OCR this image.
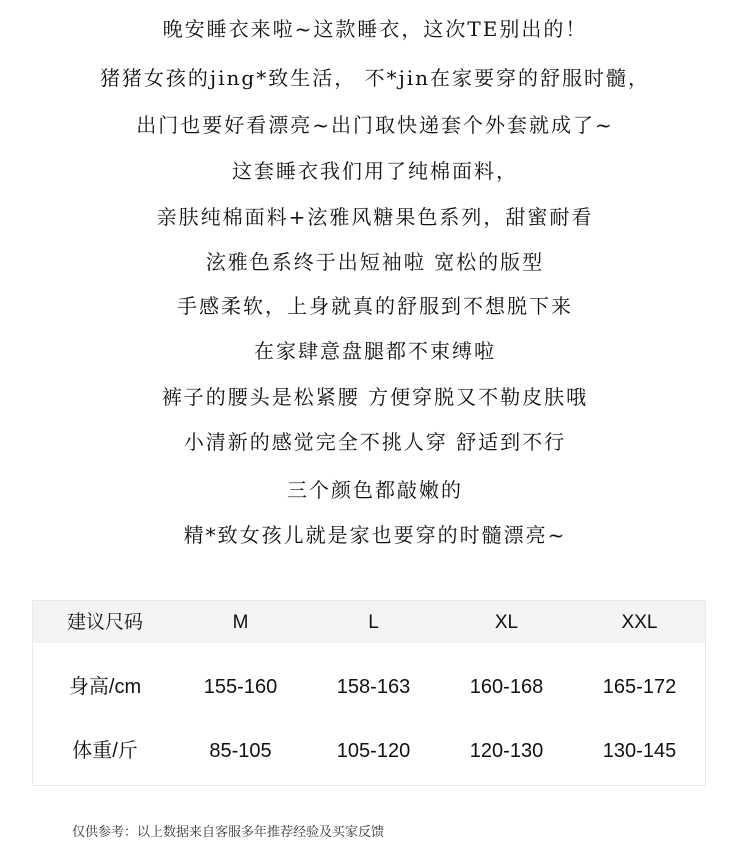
晚安睡衣来啦~这款睡衣，这次TE别出的！
猪猪女孩的jing*致生活， 不*jin在家要穿的舒服时髓，
出门也要好看漂亮~出门取快递套个外套就成了~
这套睡衣我们用了纯棉面料，
亲肤纯棉面料+泫雅风糖果色系列，甜蜜耐看
泫雅色系终于出短袖啦 宽松的版型
手感柔软，上身就真的舒服到不想脱下来
在家肆意盘腿都不束缚啦
裤子的腰头是松紧腰 方便穿脱又不勒皮肤哦
小清新的感觉完全不挑人穿 舒适到不行
三个颜色都敲嫩的
精*致女孩儿就是家也要穿的时髓漂亮~
建议尺码	M	L	XL	XXL
身高/cm	155-160	158-163	160-168	165-172
体重/斤	85-105	105-120	120-130	130-145
仅供参考：以上数据来自客服多年推荐经验及买家反馈
